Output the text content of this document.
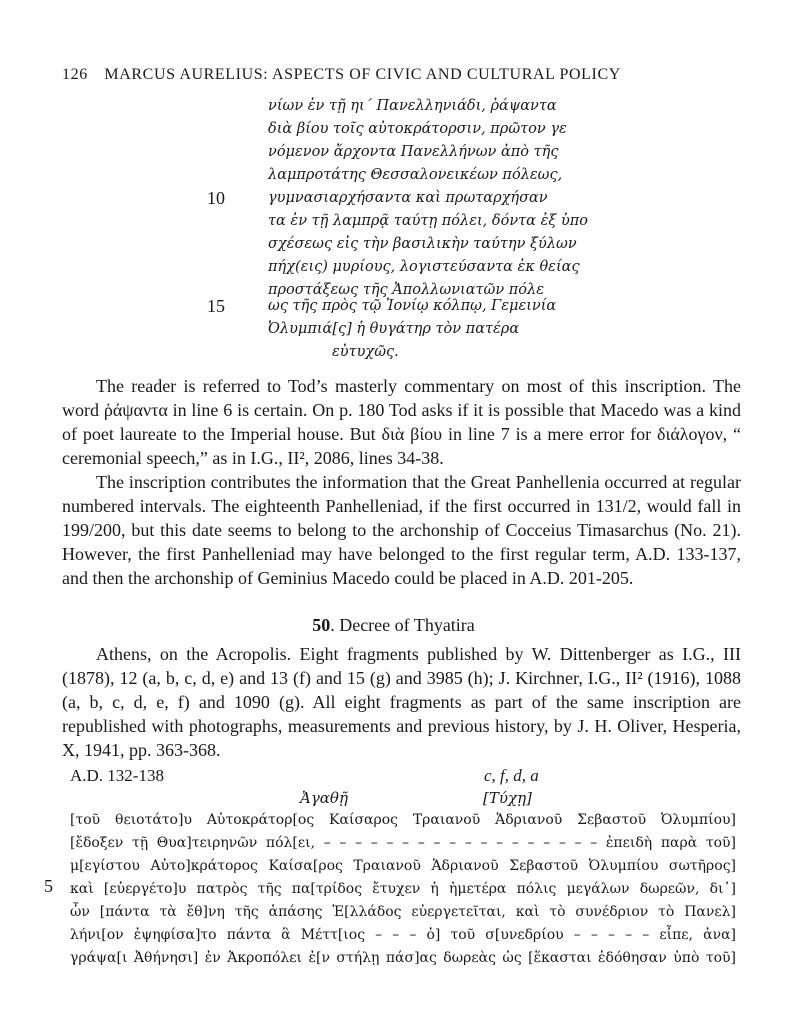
126 MARCUS AURELIUS: ASPECTS OF CIVIC AND CULTURAL POLICY
νίων ἐν τῇ ηι´ Πανελληνιάδι, ῥάψαντα
διὰ βίου τοῖς αὐτοκράτορσιν, πρῶτον γε
νόμενον ἄρχοντα Πανελλήνων ἀπὸ τῆς
λαμπροτάτης Θεσσαλονεικέων πόλεως,
10	γυμνασιαρχήσαντα καὶ πρωταρχήσαν
τα ἐν τῇ λαμπρᾷ ταύτῃ πόλει, δόντα ἐξ ὑπο
σχέσεως εἰς τὴν βασιλικὴν ταύτην ξύλων
πήχ(εις) μυρίους, λογιστεύσαντα ἐκ θείας
προστάξεως τῆς Ἀπολλωνιατῶν πόλε
15	ως τῆς πρὸς τῷ Ἰονίῳ κόλπῳ, Γεμεινία
Ὀλυμπιά[ς] ἡ θυγάτηρ τὸν πατέρα
εὐτυχῶς.
The reader is referred to Tod’s masterly commentary on most of this inscription. The word ῥάψαντα in line 6 is certain. On p. 180 Tod asks if it is possible that Macedo was a kind of poet laureate to the Imperial house. But διὰ βίου in line 7 is a mere error for διάλογον, “ ceremonial speech,” as in I.G., II², 2086, lines 34-38.
The inscription contributes the information that the Great Panhellenia occurred at regular numbered intervals. The eighteenth Panhelleniad, if the first occurred in 131/2, would fall in 199/200, but this date seems to belong to the archonship of Cocceius Timasarchus (No. 21). However, the first Panhelleniad may have belonged to the first regular term, A.D. 133-137, and then the archonship of Geminius Macedo could be placed in A.D. 201-205.
50. Decree of Thyatira
Athens, on the Acropolis. Eight fragments published by W. Dittenberger as I.G., III (1878), 12 (a, b, c, d, e) and 13 (f) and 15 (g) and 3985 (h); J. Kirchner, I.G., II² (1916), 1088 (a, b, c, d, e, f) and 1090 (g). All eight fragments as part of the same inscription are republished with photographs, measurements and previous history, by J. H. Oliver, Hesperia, X, 1941, pp. 363-368.
A.D. 132-138	c, f, d, a
Ἀγαθῇ	[Τύχῃ]
[τοῦ θειοτάτο]υ Αὐτοκράτορ[ος Καίσαρος Τραιανοῦ Ἁδριανοῦ Σεβαστοῦ Ὀλυμπίου]
[ἔδοξεν τῇ Θυα]τειρηνῶν πόλ[ει, – – – – – – – – – – – – – – – – – – ἐπειδὴ παρὰ τοῦ]
μ[εγίστου Αὐτο]κράτορος Καίσα[ρος Τραιανοῦ Ἁδριανοῦ Σεβαστοῦ Ὀλυμπίου σωτῆρος]
5 καὶ [εὐεργέτο]υ πατρὸς τῆς πα[τρίδος ἔτυχεν ἡ ἡμετέρα πόλις μεγάλων δωρεῶν, δι᾽]
ὧν [πάντα τὰ ἔθ]νη τῆς ἁπάσης Ἑ[λλάδος εὐεργετεῖται, καὶ τὸ συνέδριον τὸ Πανελ]
λήνι[ον ἐψηφίσα]το πάντα ἃ Μέττ[ιος – – – ὁ] τοῦ σ[υνεδρίου – – – – – εἶπε, ἀνα]
γράψα[ι Ἀθήνησι] ἐν Ἀκροπόλει ἐ[ν στήλῃ πάσ]ας δωρεὰς ὡς [ἕκασται ἐδόθησαν ὑπὸ τοῦ]
